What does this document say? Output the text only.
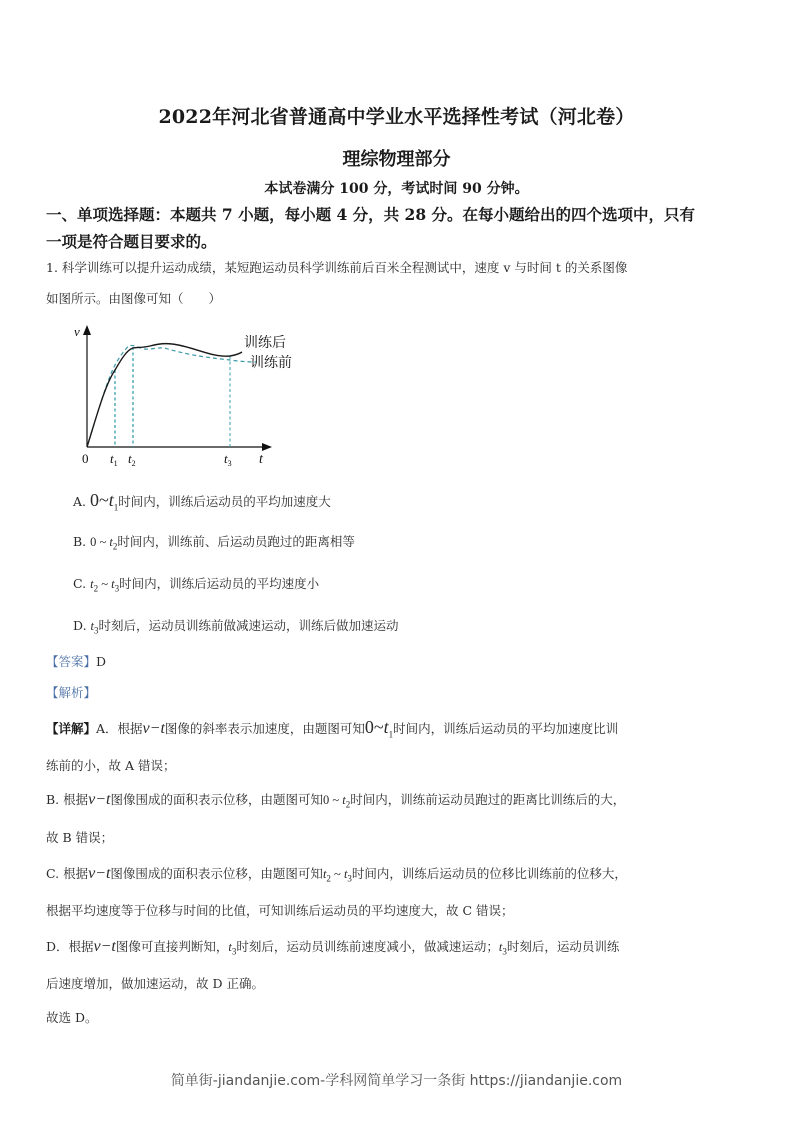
2022年河北省普通高中学业水平选择性考试（河北卷）
理综物理部分
本试卷满分 100 分，考试时间 90 分钟。
一、单项选择题：本题共 7 小题，每小题 4 分，共 28 分。在每小题给出的四个选项中，只有
一项是符合题目要求的。
1. 科学训练可以提升运动成绩，某短跑运动员科学训练前后百米全程测试中，速度 v 与时间 t 的关系图像
如图所示。由图像可知（　　）
v
0	t
$t_1$ $t_2$	$t_3$
训练后
训练前
A. $0\sim t_1$时间内，训练后运动员的平均加速度大
B. 0 ~ $t_2$时间内，训练前、后运动员跑过的距离相等
C. $t_2$ ~ $t_3$时间内，训练后运动员的平均速度小
D. $t_3$时刻后，运动员训练前做减速运动，训练后做加速运动
【答案】D
【解析】
【详解】A．根据v−t图像的斜率表示加速度，由题图可知$0\sim t_1$时间内，训练后运动员的平均加速度比训
练前的小，故 A 错误；
B. 根据v−t图像围成的面积表示位移，由题图可知0 ~ $t_2$时间内，训练前运动员跑过的距离比训练后的大，
故 B 错误；
C. 根据v−t图像围成的面积表示位移，由题图可知$t_2$ ~ $t_3$时间内，训练后运动员的位移比训练前的位移大，
根据平均速度等于位移与时间的比值，可知训练后运动员的平均速度大，故 C 错误；
D．根据v−t图像可直接判断知，$t_3$时刻后，运动员训练前速度减小，做减速运动；$t_3$时刻后，运动员训练
后速度增加，做加速运动，故 D 正确。
故选 D。
简单街-jiandanjie.com-学科网简单学习一条街 https://jiandanjie.com
